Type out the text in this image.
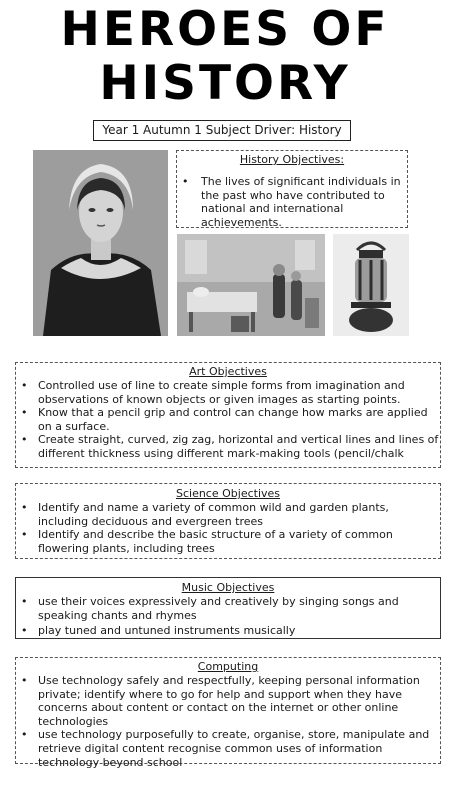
HEROES OF
HISTORY
Year 1 Autumn 1 Subject Driver: History
History Objectives:
• The lives of significant individuals in the past who have contributed to national and international achievements.
Art Objectives
• Controlled use of line to create simple forms from imagination and observations of known objects or given images as starting points.
• Know that a pencil grip and control can change how marks are applied on a surface.
• Create straight, curved, zig zag, horizontal and vertical lines and lines of different thickness using different mark-making tools (pencil/chalk
Science Objectives
• Identify and name a variety of common wild and garden plants, including deciduous and evergreen trees
• Identify and describe the basic structure of a variety of common flowering plants, including trees
Music Objectives
• use their voices expressively and creatively by singing songs and speaking chants and rhymes
• play tuned and untuned instruments musically
Computing
• Use technology safely and respectfully, keeping personal information private; identify where to go for help and support when they have concerns about content or contact on the internet or other online technologies
• use technology purposefully to create, organise, store, manipulate and retrieve digital content recognise common uses of information technology beyond school
